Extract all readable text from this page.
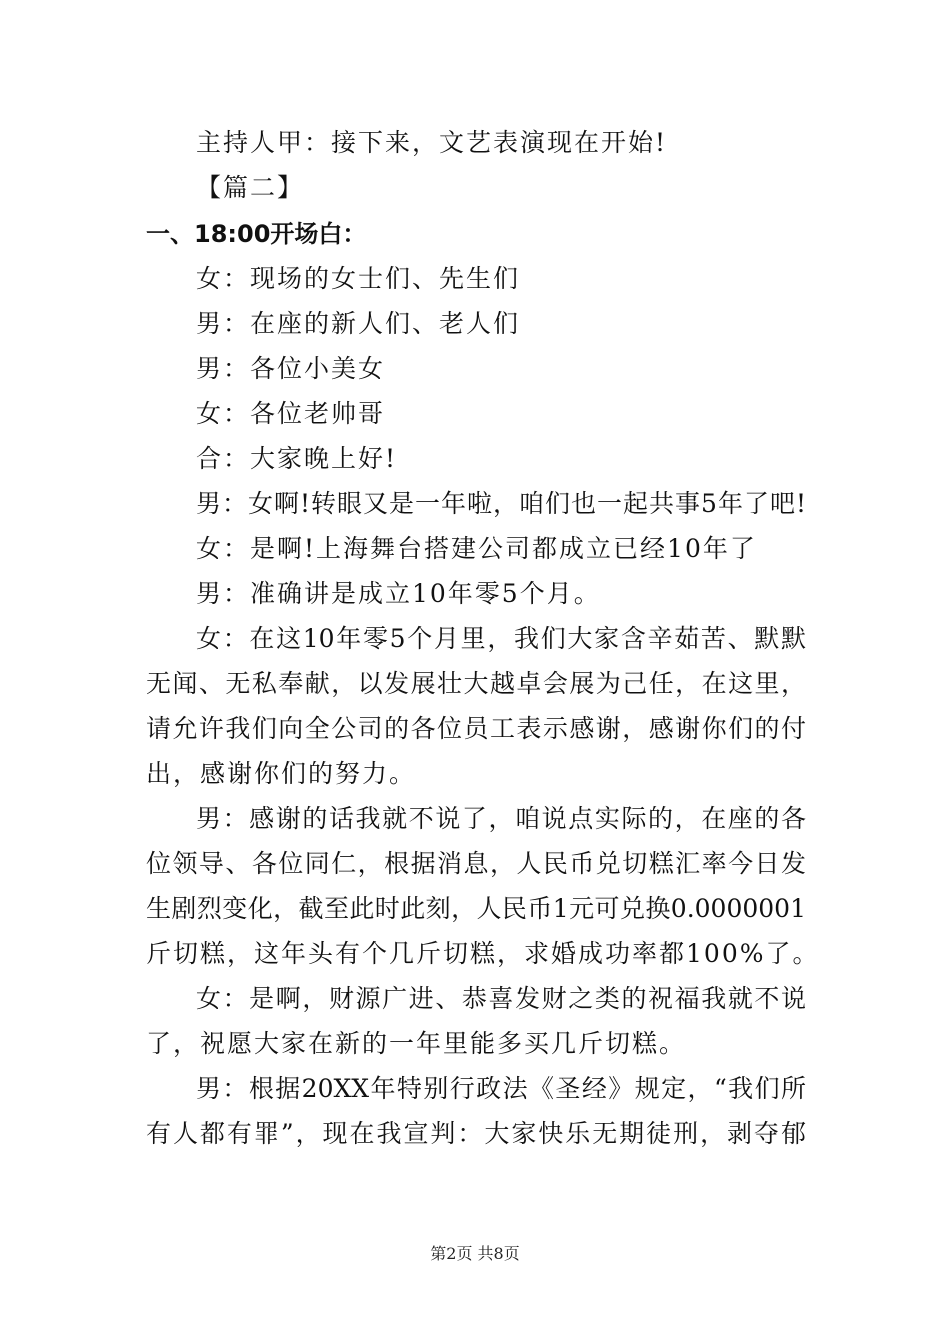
主持人甲：接下来，文艺表演现在开始!
【篇二】
一、18:00开场白：
女：现场的女士们、先生们
男：在座的新人们、老人们
男：各位小美女
女：各位老帅哥
合：大家晚上好!
男：女啊!转眼又是一年啦，咱们也一起共事5年了吧!
女：是啊!上海舞台搭建公司都成立已经10年了
男：准确讲是成立10年零5个月。
女：在这10年零5个月里，我们大家含辛茹苦、默默
无闻、无私奉献，以发展壮大越卓会展为己任，在这里，
请允许我们向全公司的各位员工表示感谢，感谢你们的付
出，感谢你们的努力。
男：感谢的话我就不说了，咱说点实际的，在座的各
位领导、各位同仁，根据消息，人民币兑切糕汇率今日发
生剧烈变化，截至此时此刻，人民币1元可兑换0.0000001
斤切糕，这年头有个几斤切糕，求婚成功率都100%了。
女：是啊，财源广进、恭喜发财之类的祝福我就不说
了，祝愿大家在新的一年里能多买几斤切糕。
男：根据20XX年特别行政法《圣经》规定，“我们所
有人都有罪”，现在我宣判：大家快乐无期徒刑，剥夺郁
第2页 共8页
